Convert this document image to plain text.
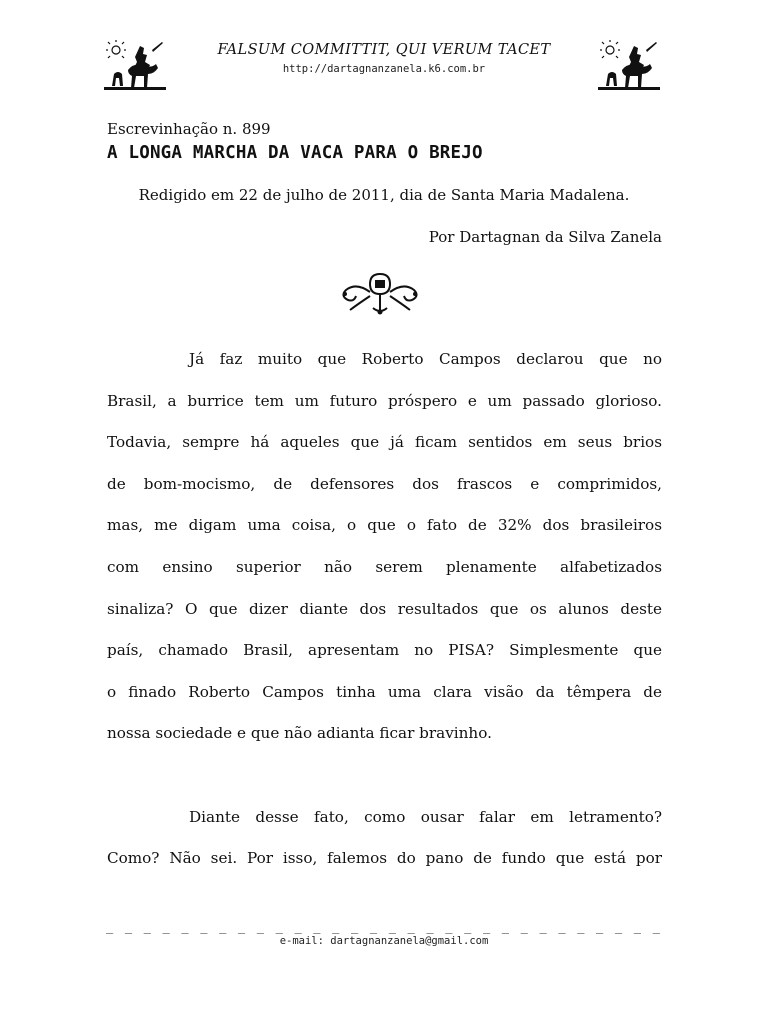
FALSUM COMMITTIT, QUI VERUM TACET
http://dartagnanzanela.k6.com.br
Escrevinhação n. 899
A LONGA MARCHA DA VACA PARA O BREJO
Redigido em 22 de julho de 2011, dia de Santa Maria Madalena.
Por Dartagnan da Silva Zanela

Já faz muito que Roberto Campos declarou que no

Brasil, a burrice tem um futuro próspero e um passado glorioso.

Todavia, sempre há aqueles que já ficam sentidos em seus brios

de bom-mocismo, de defensores dos frascos e comprimidos,

mas, me digam uma coisa, o que o fato de 32% dos brasileiros

com ensino superior não serem plenamente alfabetizados

sinaliza? O que dizer diante dos resultados que os alunos deste

país, chamado Brasil, apresentam no PISA? Simplesmente que

o finado Roberto Campos tinha uma clara visão da têmpera de

nossa sociedade e que não adianta ficar bravinho.

Diante desse fato, como ousar falar em letramento?

Como? Não sei. Por isso, falemos do pano de fundo que está por

_ _ _ _ _ _ _ _ _ _ _ _ _ _ _ _ _ _ _ _ _ _ _ _ _ _ _ _ _ _
e-mail: dartagnanzanela@gmail.com
